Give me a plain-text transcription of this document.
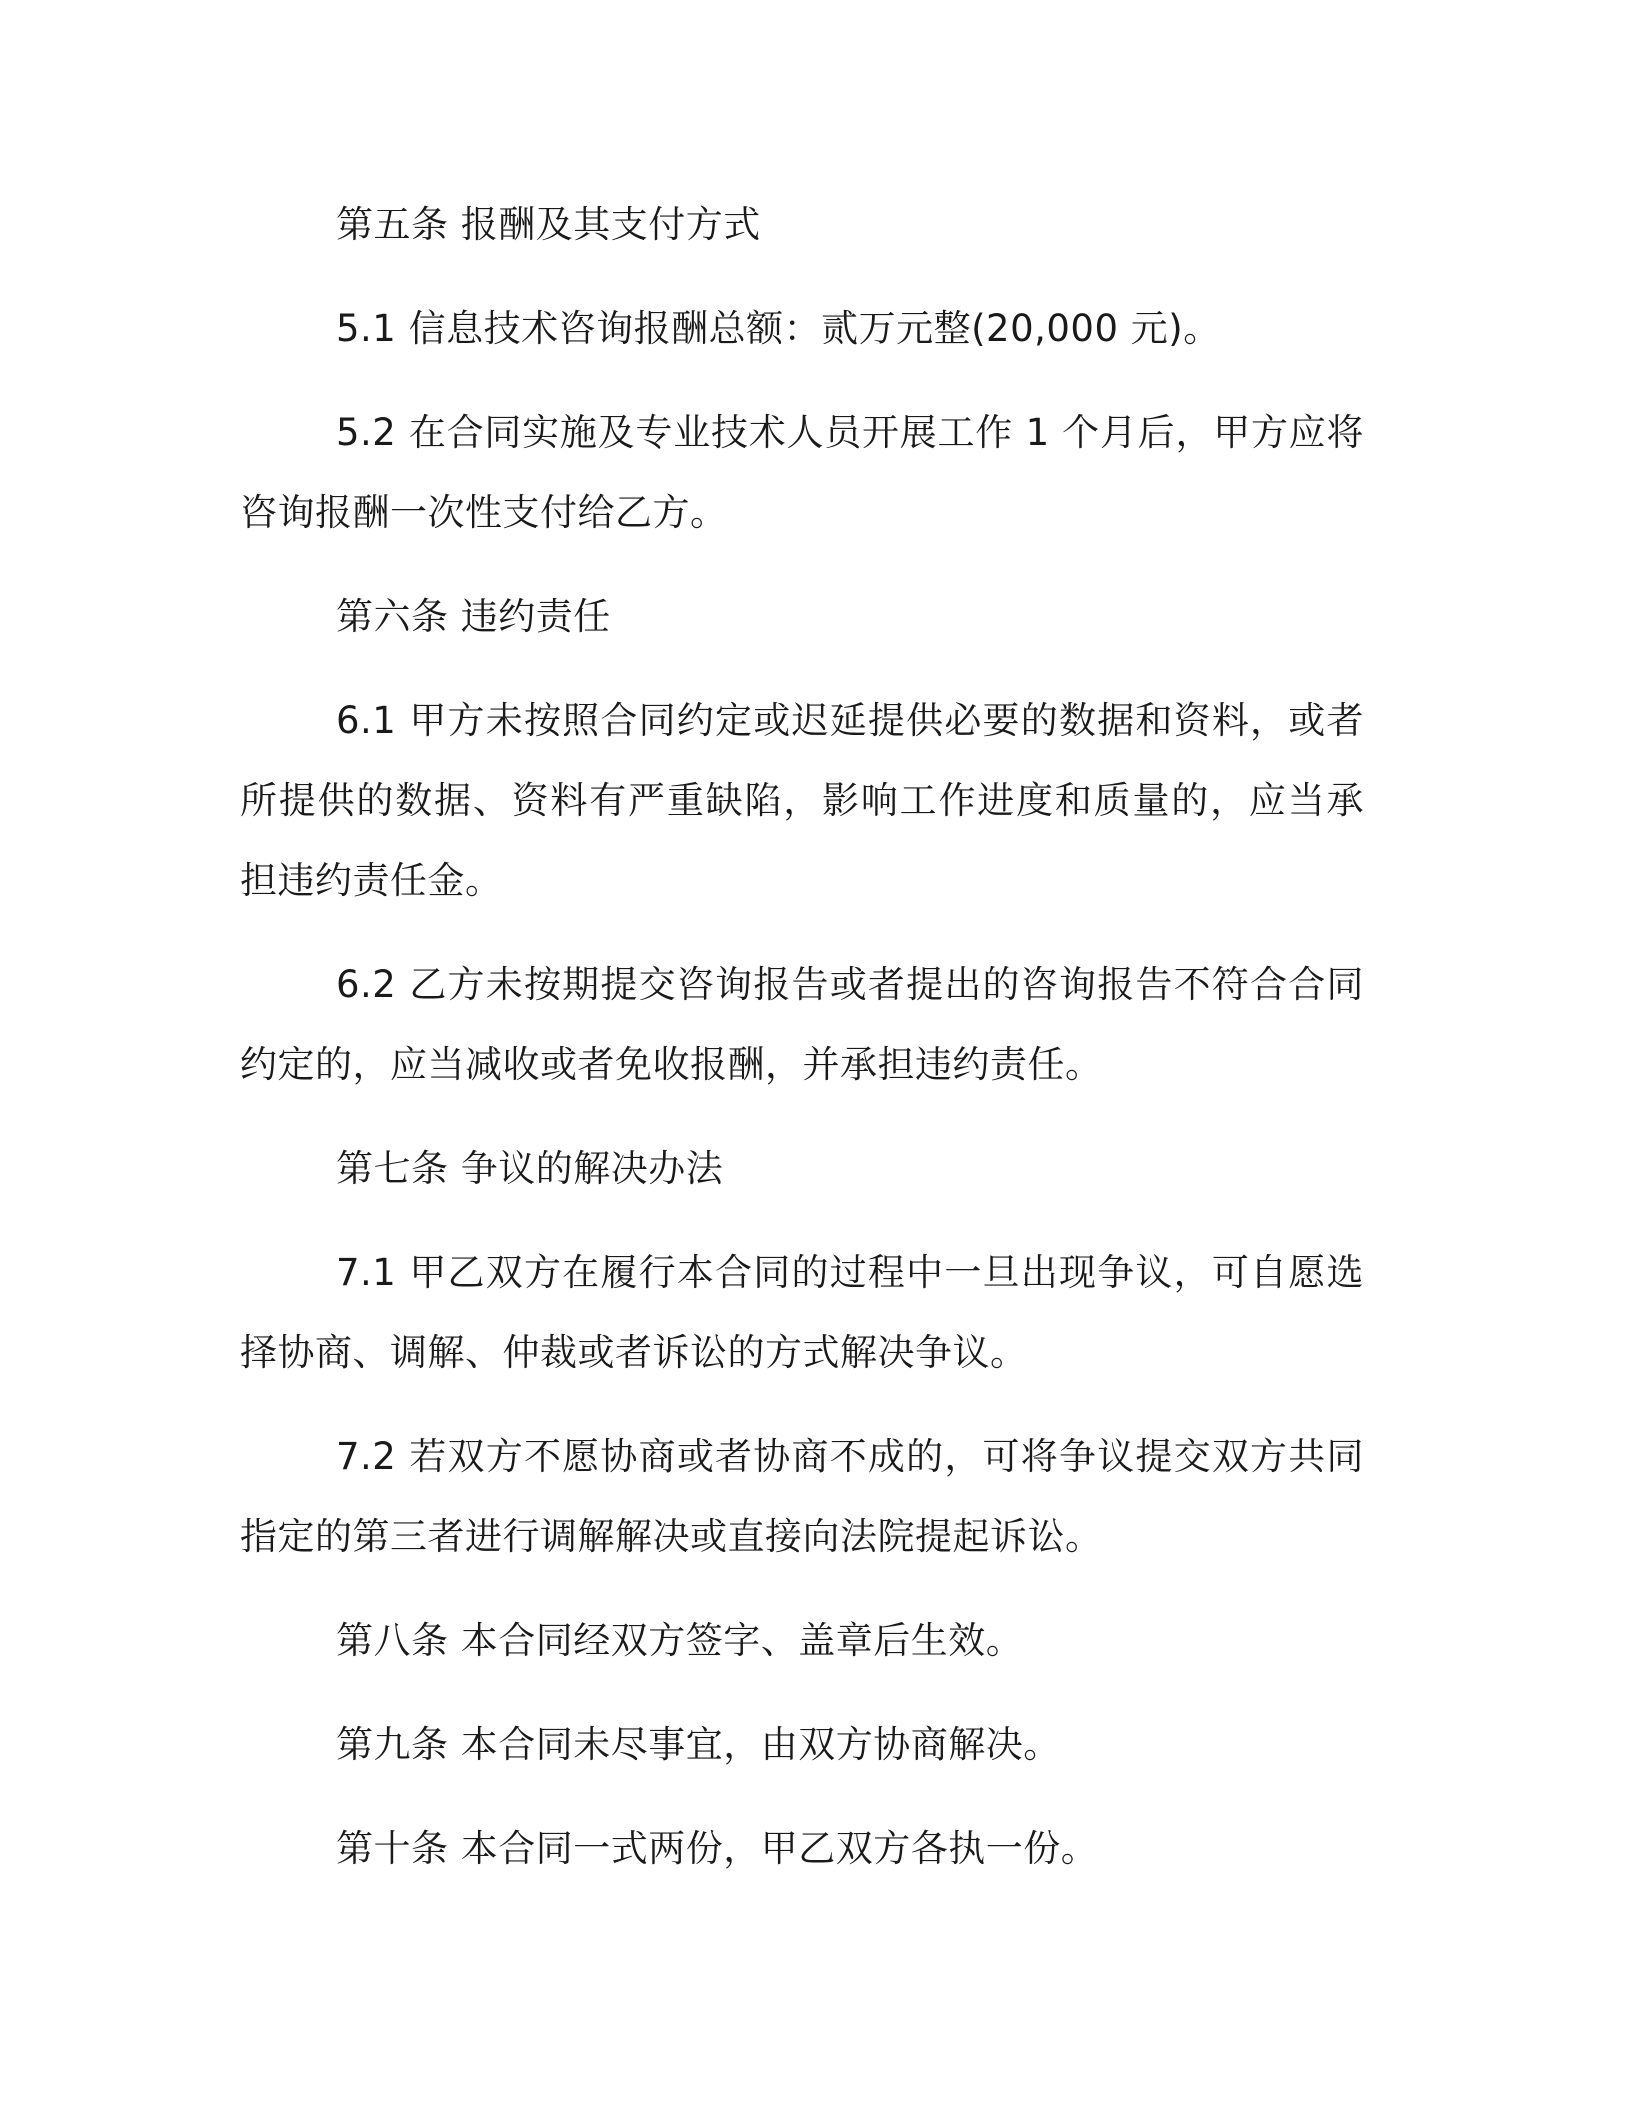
第五条 报酬及其支付方式

5.1 信息技术咨询报酬总额：贰万元整(20,000 元)。

5.2 在合同实施及专业技术人员开展工作 1 个月后，甲方应将咨询报酬一次性支付给乙方。

第六条 违约责任

6.1 甲方未按照合同约定或迟延提供必要的数据和资料，或者所提供的数据、资料有严重缺陷，影响工作进度和质量的，应当承担违约责任金。

6.2 乙方未按期提交咨询报告或者提出的咨询报告不符合合同约定的，应当减收或者免收报酬，并承担违约责任。

第七条 争议的解决办法

7.1 甲乙双方在履行本合同的过程中一旦出现争议，可自愿选择协商、调解、仲裁或者诉讼的方式解决争议。

7.2 若双方不愿协商或者协商不成的，可将争议提交双方共同指定的第三者进行调解解决或直接向法院提起诉讼。

第八条 本合同经双方签字、盖章后生效。

第九条 本合同未尽事宜，由双方协商解决。

第十条 本合同一式两份，甲乙双方各执一份。
